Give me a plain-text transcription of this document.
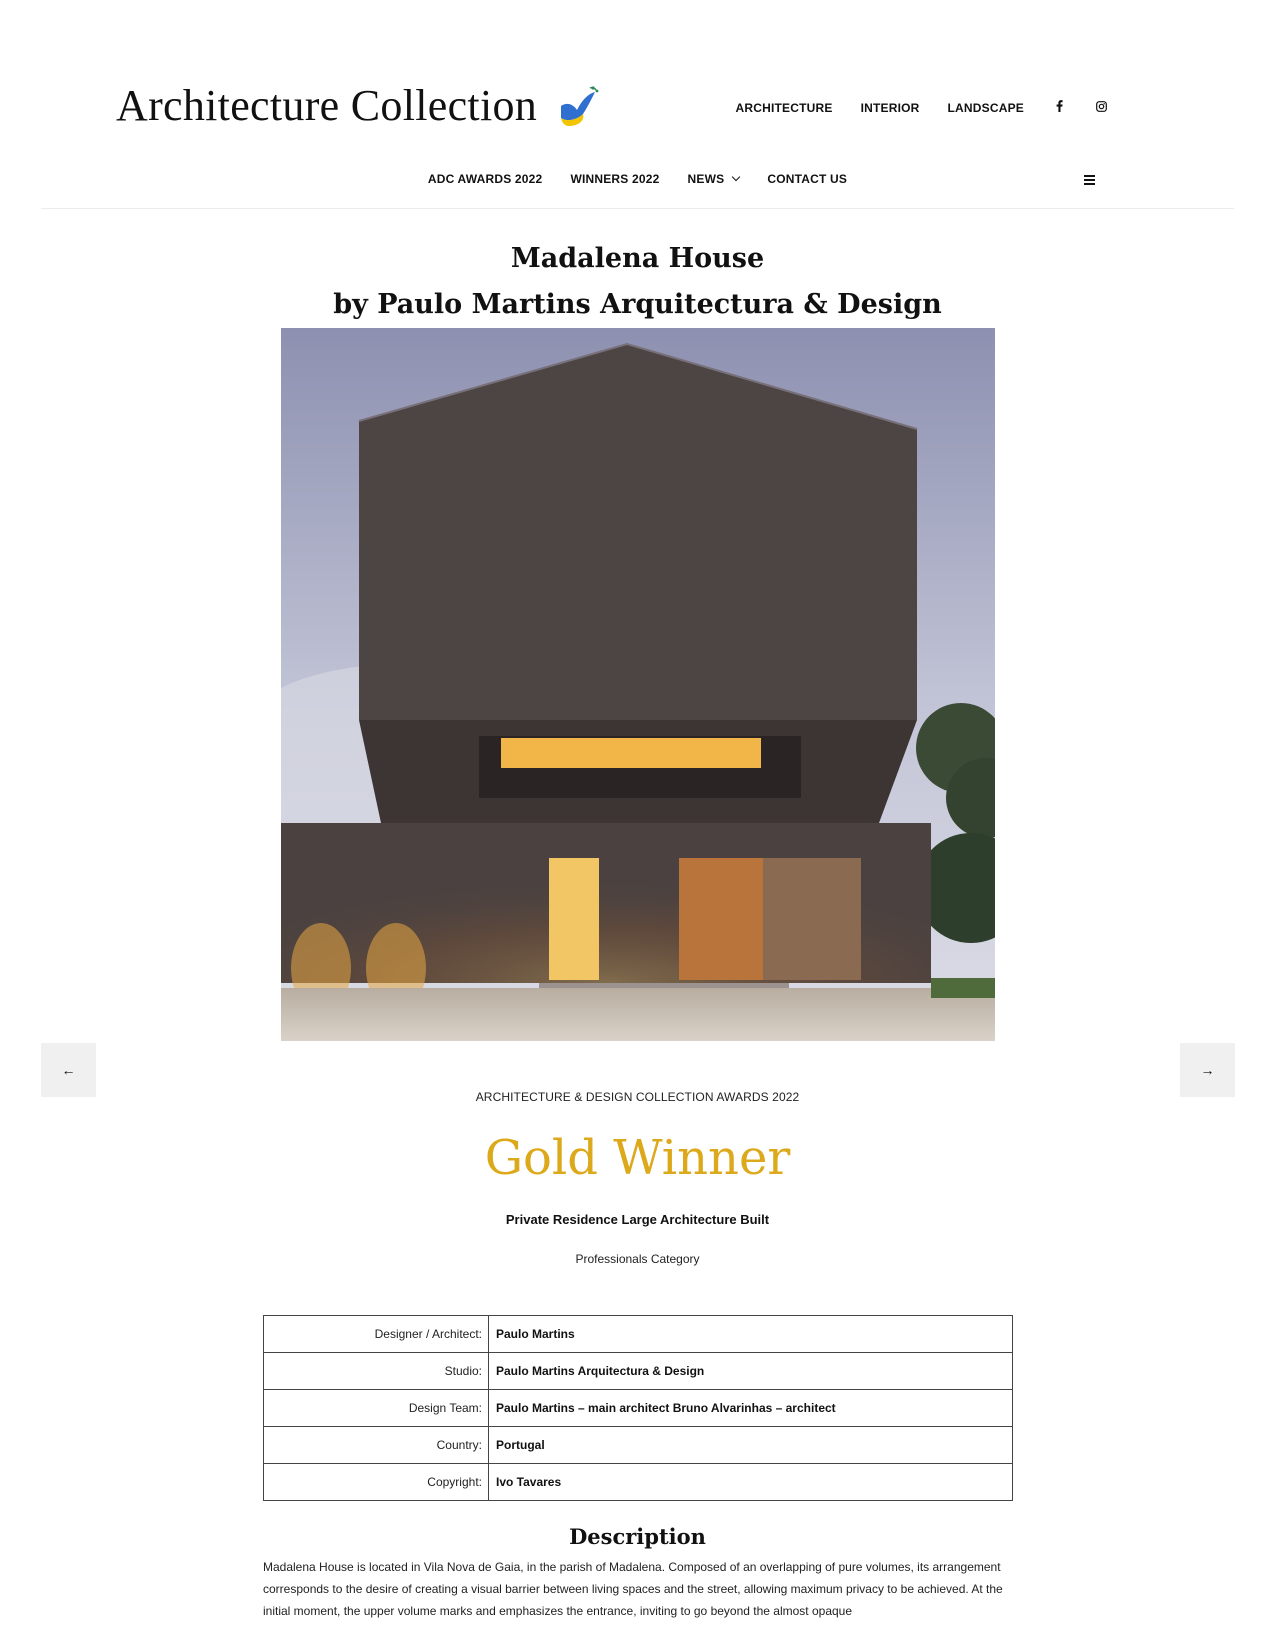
Architecture Collection	ARCHITECTURE INTERIOR LANDSCAPE
ADC AWARDS 2022 WINNERS 2022 NEWS	CONTACT US
Madalena House
by Paulo Martins Arquitectura & Design
←	→
ARCHITECTURE & DESIGN COLLECTION AWARDS 2022
Gold Winner
Private Residence Large Architecture Built
Professionals Category
Designer / Architect:	Paulo Martins
Studio:	Paulo Martins Arquitectura & Design
Design Team:	Paulo Martins – main architect Bruno Alvarinhas – architect
Country:	Portugal
Copyright:	Ivo Tavares
Description

Madalena House is located in Vila Nova de Gaia, in the parish of Madalena. Composed of an overlapping of pure volumes, its arrangement corresponds to the desire of creating a visual barrier between living spaces and the street, allowing maximum privacy to be achieved. At the initial moment, the upper volume marks and emphasizes the entrance, inviting to go beyond the almost opaque
